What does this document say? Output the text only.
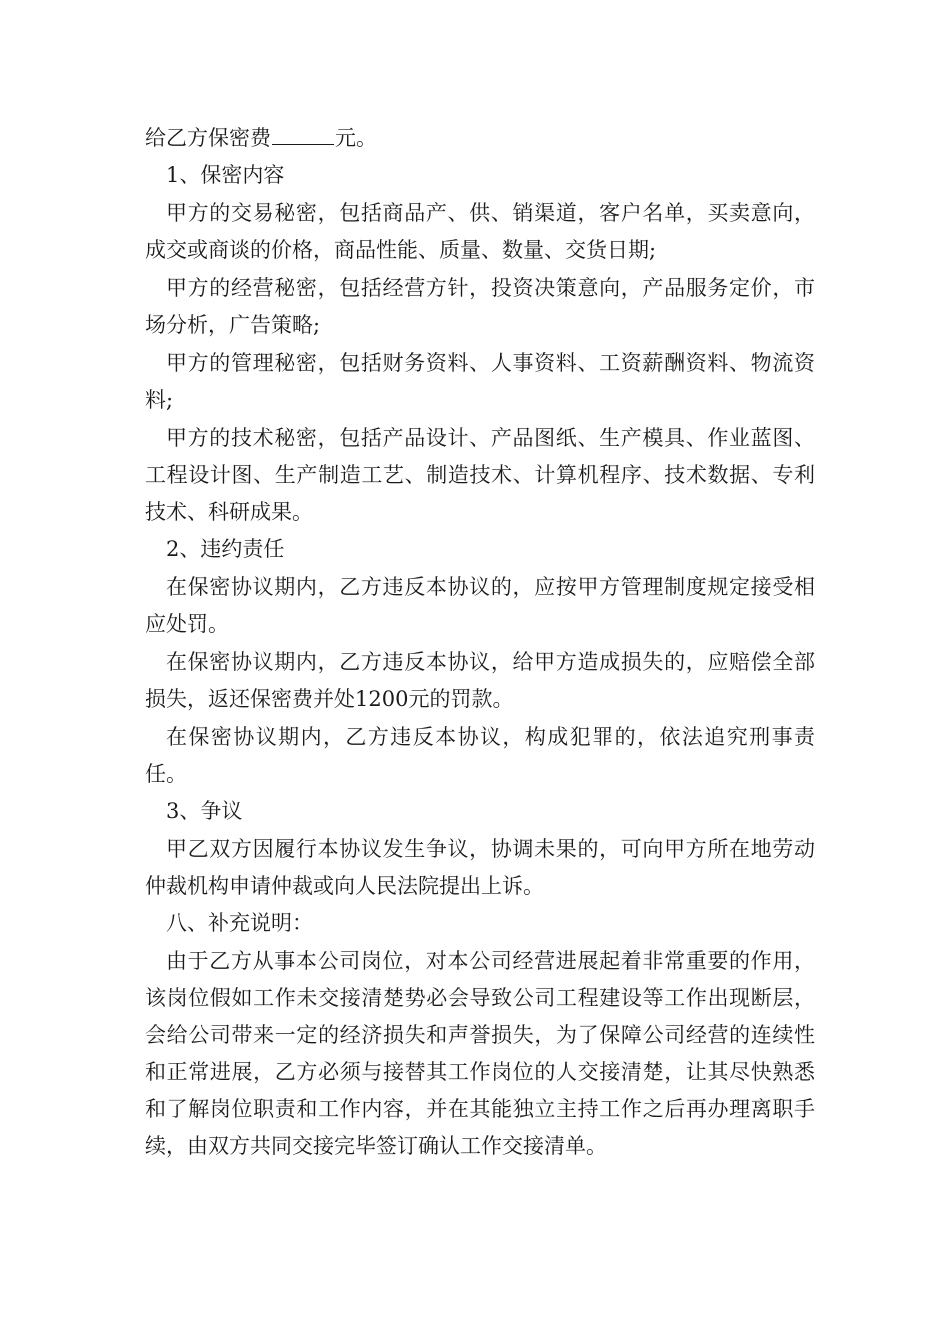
给乙方保密费	元。

1、保密内容

甲方的交易秘密，包括商品产、供、销渠道，客户名单，买卖意向，成交或商谈的价格，商品性能、质量、数量、交货日期;

甲方的经营秘密，包括经营方针，投资决策意向，产品服务定价，市场分析，广告策略;

甲方的管理秘密，包括财务资料、人事资料、工资薪酬资料、物流资料;

甲方的技术秘密，包括产品设计、产品图纸、生产模具、作业蓝图、工程设计图、生产制造工艺、制造技术、计算机程序、技术数据、专利技术、科研成果。

2、违约责任

在保密协议期内，乙方违反本协议的，应按甲方管理制度规定接受相应处罚。

在保密协议期内，乙方违反本协议，给甲方造成损失的，应赔偿全部损失，返还保密费并处1200元的罚款。

在保密协议期内，乙方违反本协议，构成犯罪的，依法追究刑事责任。

3、争议

甲乙双方因履行本协议发生争议，协调未果的，可向甲方所在地劳动仲裁机构申请仲裁或向人民法院提出上诉。

八、补充说明：

由于乙方从事本公司岗位，对本公司经营进展起着非常重要的作用，该岗位假如工作未交接清楚势必会导致公司工程建设等工作出现断层，会给公司带来一定的经济损失和声誉损失，为了保障公司经营的连续性和正常进展，乙方必须与接替其工作岗位的人交接清楚，让其尽快熟悉和了解岗位职责和工作内容，并在其能独立主持工作之后再办理离职手续，由双方共同交接完毕签订确认工作交接清单。
